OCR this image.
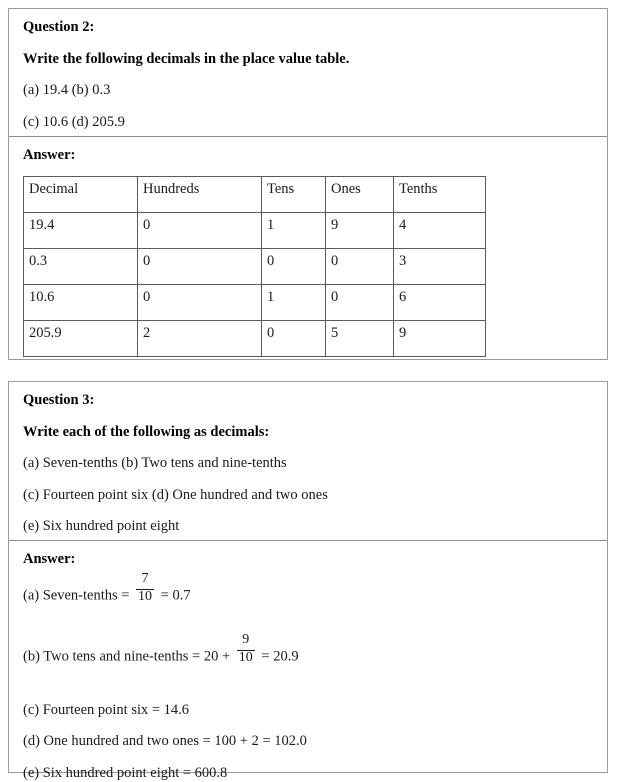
Question 2:
Write the following decimals in the place value table.
(a) 19.4 (b) 0.3
(c) 10.6 (d) 205.9
Answer:
Decimal	Hundreds	Tens	Ones	Tenths
19.4	0	1	9	4
0.3	0	0	0	3
10.6	0	1	0	6
205.9	2	0	5	9
Question 3:
Write each of the following as decimals:
(a) Seven-tenths (b) Two tens and nine-tenths
(c) Fourteen point six (d) One hundred and two ones
(e) Six hundred point eight
Answer:
(a) Seven-tenths = $\frac{7}{10} = 0.7$
(b) Two tens and nine-tenths = $20 + \frac{9}{10} = 20.9$
(c) Fourteen point six = 14.6
(d) One hundred and two ones = 100 + 2 = 102.0
(e) Six hundred point eight = 600.8
